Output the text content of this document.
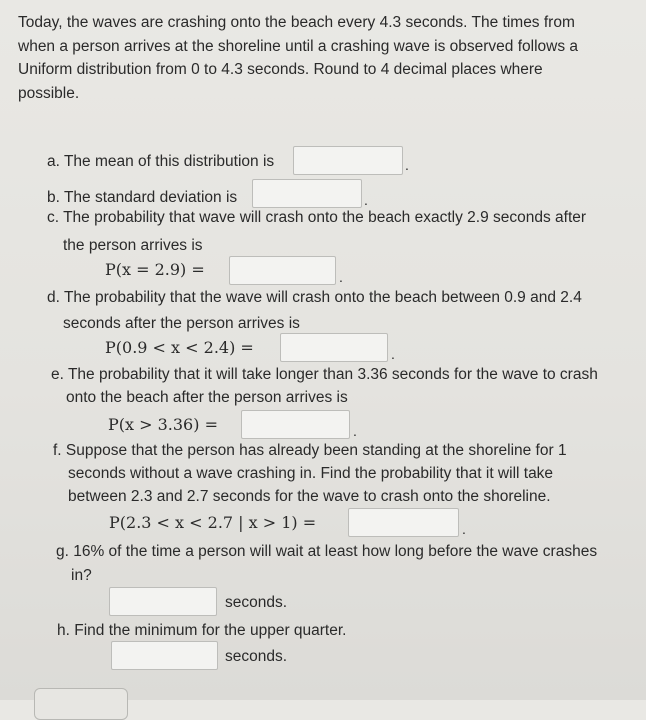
Today, the waves are crashing onto the beach every 4.3 seconds. The times from
when a person arrives at the shoreline until a crashing wave is observed follows a
Uniform distribution from 0 to 4.3 seconds. Round to 4 decimal places where
possible.
a. The mean of this distribution is	.
b. The standard deviation is	.
c. The probability that wave will crash onto the beach exactly 2.9 seconds after
the person arrives is
P(x = 2.9) =	.
d. The probability that the wave will crash onto the beach between 0.9 and 2.4
seconds after the person arrives is
P(0.9 < x < 2.4) =	.
e. The probability that it will take longer than 3.36 seconds for the wave to crash
onto the beach after the person arrives is
P(x > 3.36) =	.
f. Suppose that the person has already been standing at the shoreline for 1
seconds without a wave crashing in. Find the probability that it will take
between 2.3 and 2.7 seconds for the wave to crash onto the shoreline.
P(2.3 < x < 2.7 | x > 1) =	.
g. 16% of the time a person will wait at least how long before the wave crashes
in?
seconds.
h. Find the minimum for the upper quarter.
seconds.
